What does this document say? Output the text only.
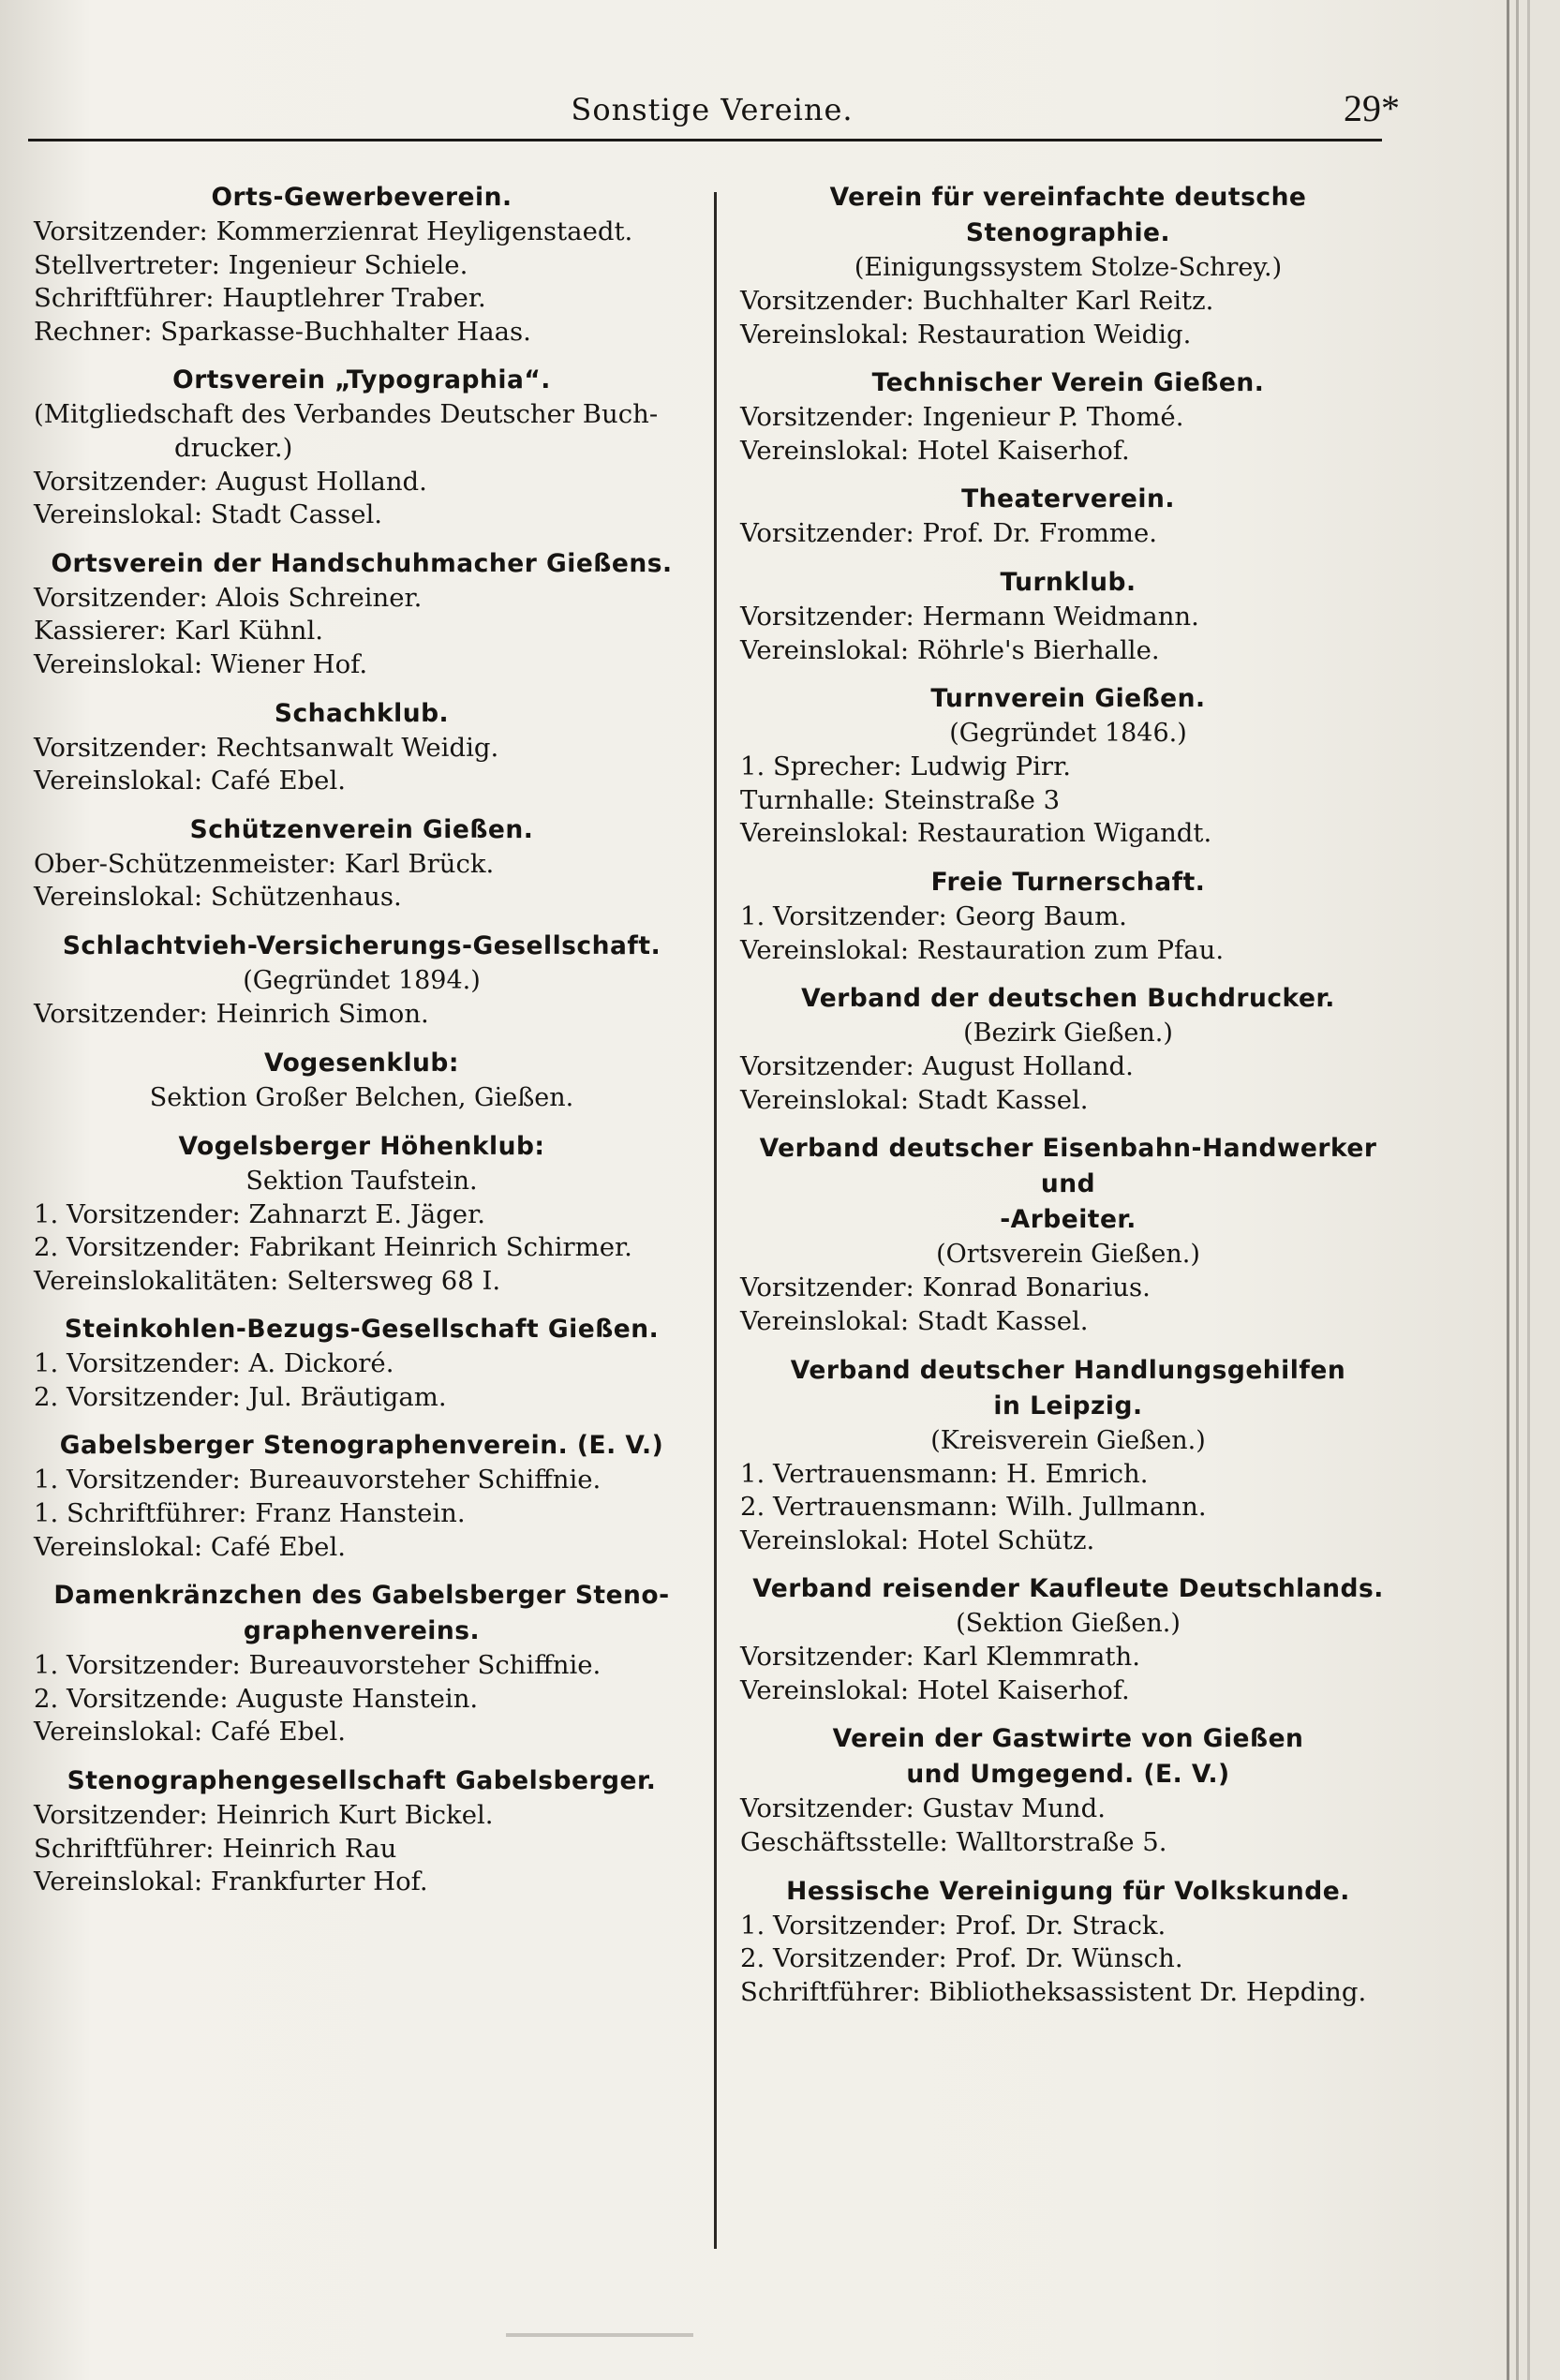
Sonstige Vereine.	29*
Orts-Gewerbeverein.
Vorsitzender: Kommerzienrat Heyligenstaedt.
Stellvertreter: Ingenieur Schiele.
Schriftführer: Hauptlehrer Traber.
Rechner: Sparkasse-Buchhalter Haas.
Ortsverein „Typographia“.
(Mitgliedschaft des Verbandes Deutscher Buch-
drucker.)
Vorsitzender: August Holland.
Vereinslokal: Stadt Cassel.
Ortsverein der Handschuhmacher Gießens.
Vorsitzender: Alois Schreiner.
Kassierer: Karl Kühnl.
Vereinslokal: Wiener Hof.
Schachklub.
Vorsitzender: Rechtsanwalt Weidig.
Vereinslokal: Café Ebel.
Schützenverein Gießen.
Ober-Schützenmeister: Karl Brück.
Vereinslokal: Schützenhaus.
Schlachtvieh-Versicherungs-Gesellschaft.
(Gegründet 1894.)
Vorsitzender: Heinrich Simon.
Vogesenklub:
Sektion Großer Belchen, Gießen.
Vogelsberger Höhenklub:
Sektion Taufstein.
1. Vorsitzender: Zahnarzt E. Jäger.
2. Vorsitzender: Fabrikant Heinrich Schirmer.
Vereinslokalitäten: Seltersweg 68 I.
Steinkohlen-Bezugs-Gesellschaft Gießen.
1. Vorsitzender: A. Dickoré.
2. Vorsitzender: Jul. Bräutigam.
Gabelsberger Stenographenverein. (E. V.)
1. Vorsitzender: Bureauvorsteher Schiffnie.
1. Schriftführer: Franz Hanstein.
Vereinslokal: Café Ebel.
Damenkränzchen des Gabelsberger Steno-
graphenvereins.
1. Vorsitzender: Bureauvorsteher Schiffnie.
2. Vorsitzende: Auguste Hanstein.
Vereinslokal: Café Ebel.
Stenographengesellschaft Gabelsberger.
Vorsitzender: Heinrich Kurt Bickel.
Schriftführer: Heinrich Rau
Vereinslokal: Frankfurter Hof.
Verein für vereinfachte deutsche Stenographie.
(Einigungssystem Stolze-Schrey.)
Vorsitzender: Buchhalter Karl Reitz.
Vereinslokal: Restauration Weidig.
Technischer Verein Gießen.
Vorsitzender: Ingenieur P. Thomé.
Vereinslokal: Hotel Kaiserhof.
Theaterverein.
Vorsitzender: Prof. Dr. Fromme.
Turnklub.
Vorsitzender: Hermann Weidmann.
Vereinslokal: Röhrle's Bierhalle.
Turnverein Gießen.
(Gegründet 1846.)
1. Sprecher: Ludwig Pirr.
Turnhalle: Steinstraße 3
Vereinslokal: Restauration Wigandt.
Freie Turnerschaft.
1. Vorsitzender: Georg Baum.
Vereinslokal: Restauration zum Pfau.
Verband der deutschen Buchdrucker.
(Bezirk Gießen.)
Vorsitzender: August Holland.
Vereinslokal: Stadt Kassel.
Verband deutscher Eisenbahn-Handwerker und
-Arbeiter.
(Ortsverein Gießen.)
Vorsitzender: Konrad Bonarius.
Vereinslokal: Stadt Kassel.
Verband deutscher Handlungsgehilfen
in Leipzig.
(Kreisverein Gießen.)
1. Vertrauensmann: H. Emrich.
2. Vertrauensmann: Wilh. Jullmann.
Vereinslokal: Hotel Schütz.
Verband reisender Kaufleute Deutschlands.
(Sektion Gießen.)
Vorsitzender: Karl Klemmrath.
Vereinslokal: Hotel Kaiserhof.
Verein der Gastwirte von Gießen
und Umgegend. (E. V.)
Vorsitzender: Gustav Mund.
Geschäftsstelle: Walltorstraße 5.
Hessische Vereinigung für Volkskunde.
1. Vorsitzender: Prof. Dr. Strack.
2. Vorsitzender: Prof. Dr. Wünsch.
Schriftführer: Bibliotheksassistent Dr. Hepding.
